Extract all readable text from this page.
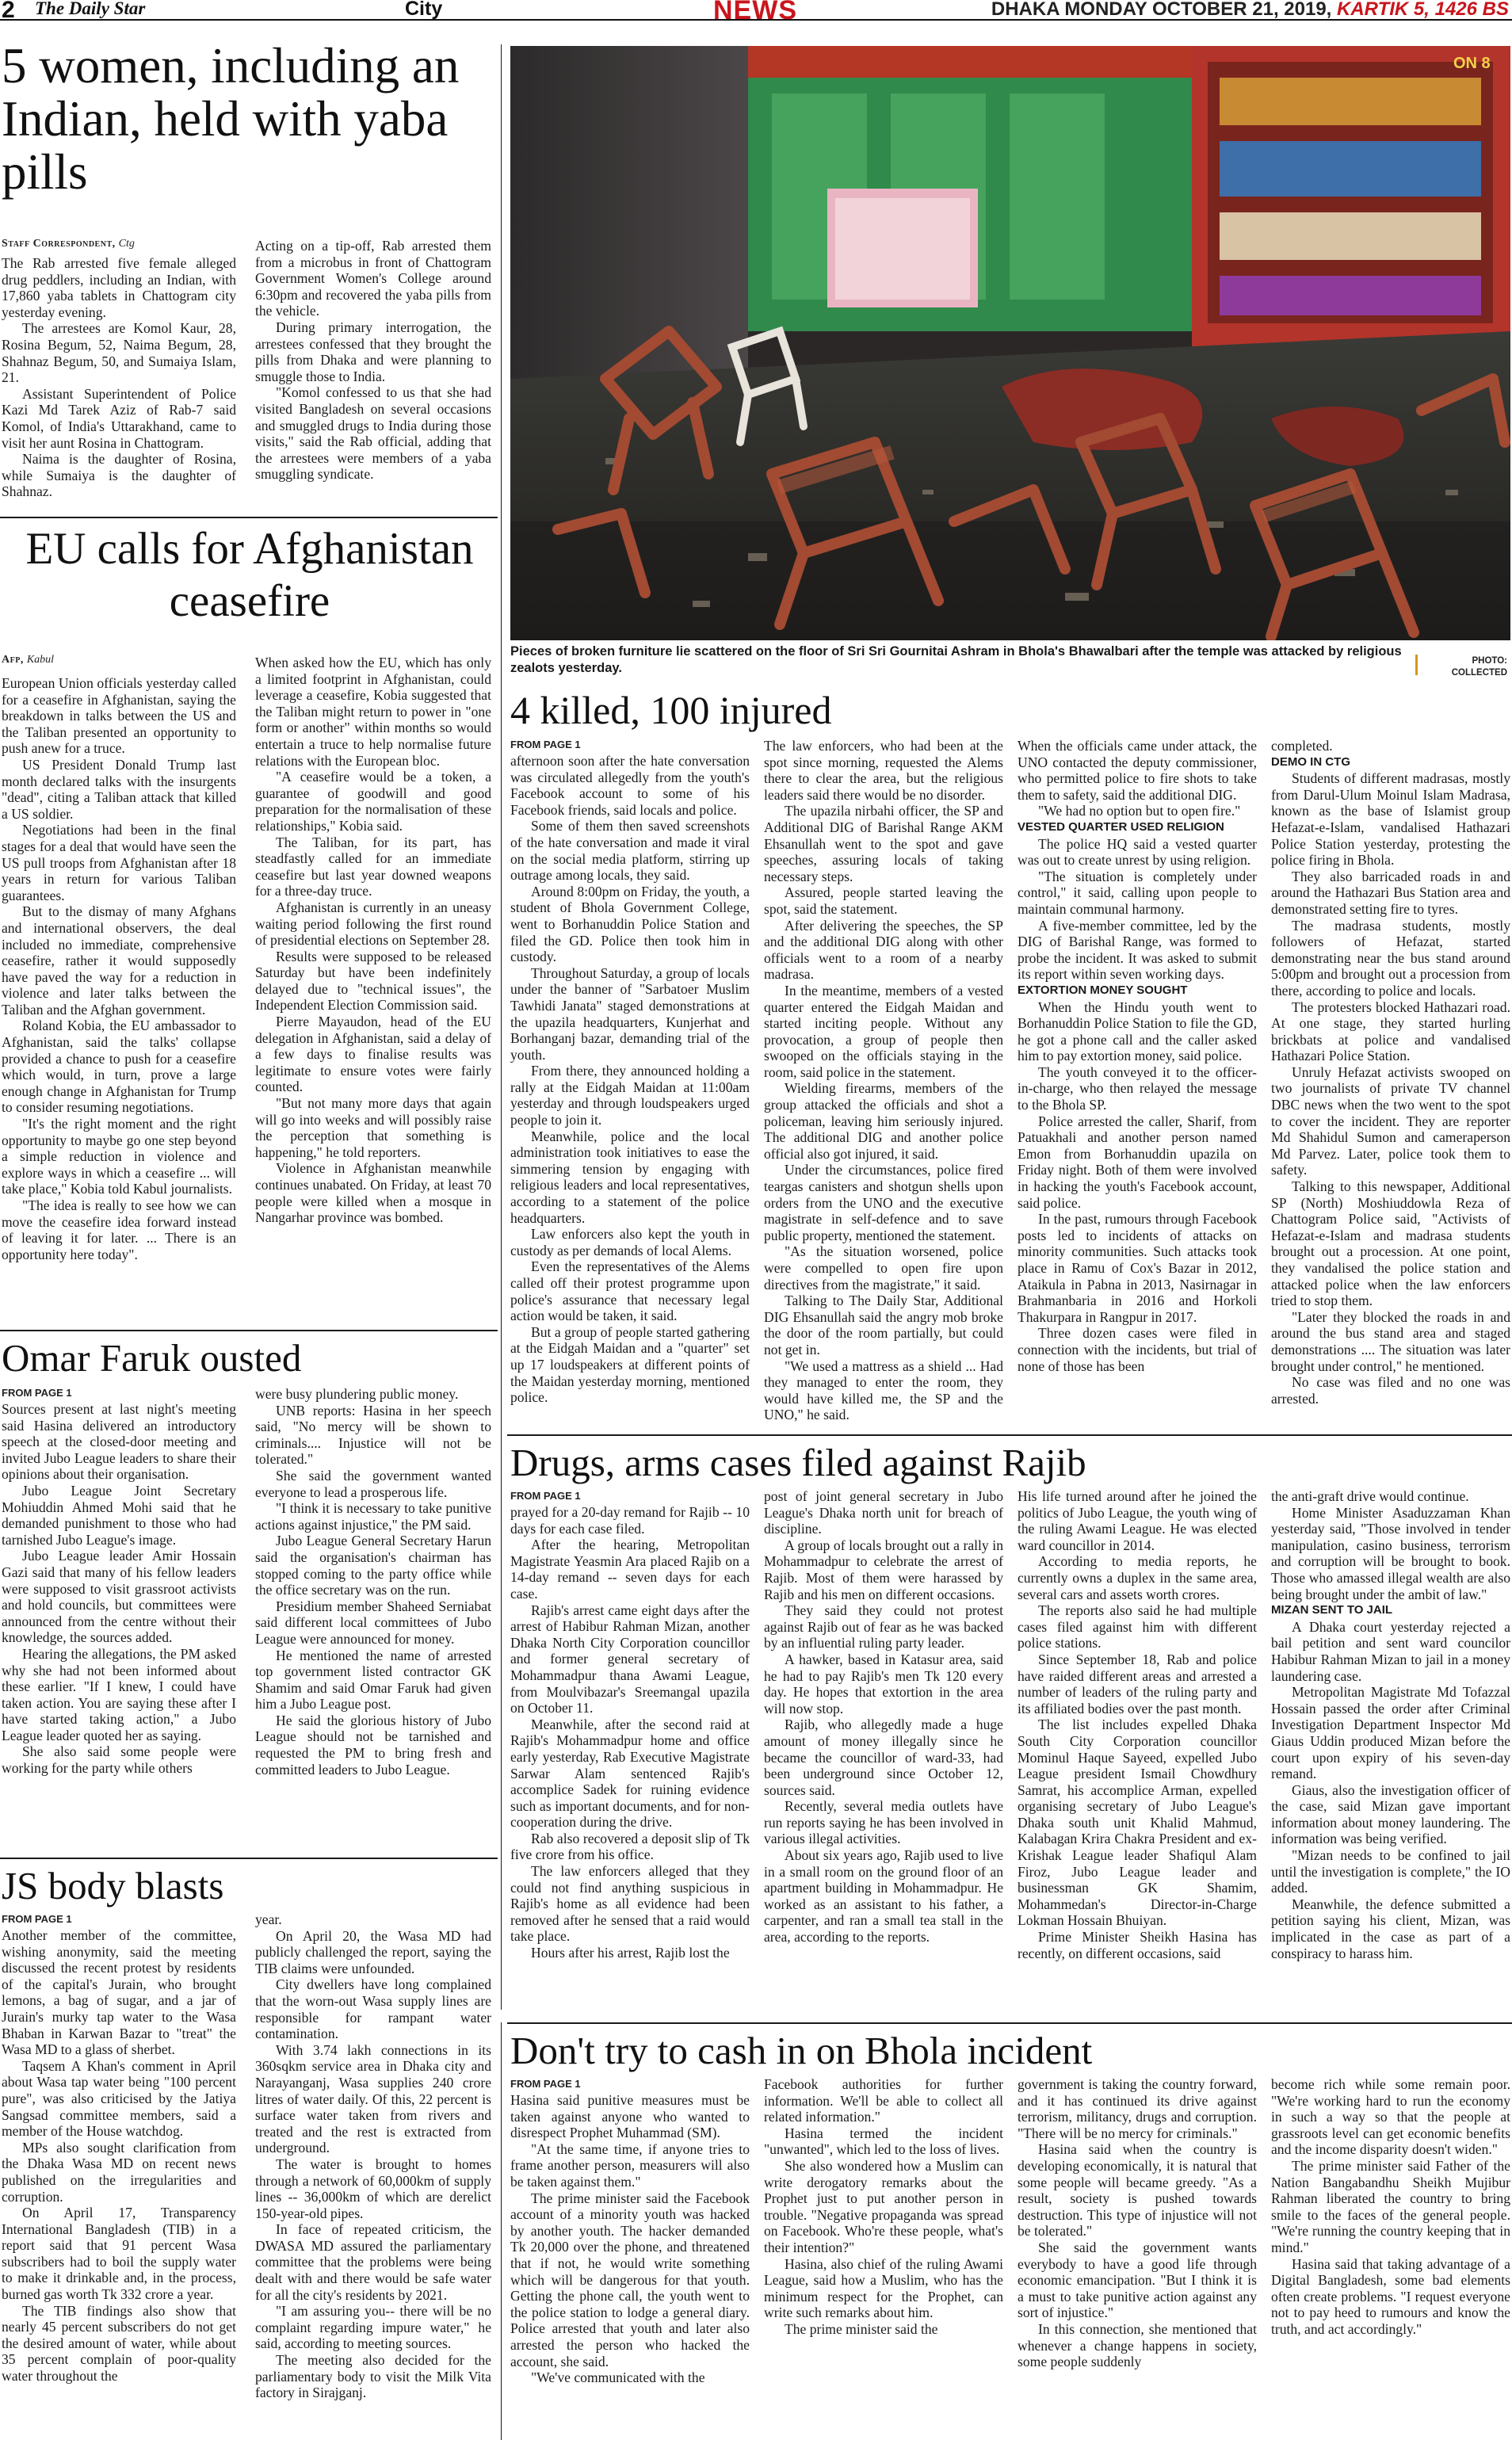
2 The Daily Star	City	NEWS	DHAKA MONDAY OCTOBER 21, 2019, KARTIK 5, 1426 BS
5 women, including an Indian, held with yaba pills
Staff Correspondent, Ctg

The Rab arrested five female alleged drug peddlers, including an Indian, with 17,860 yaba tablets in Chattogram city yesterday evening.

The arrestees are Komol Kaur, 28, Rosina Begum, 52, Naima Begum, 28, Shahnaz Begum, 50, and Sumaiya Islam, 21.

Assistant Superintendent of Police Kazi Md Tarek Aziz of Rab-7 said Komol, of India's Uttarakhand, came to visit her aunt Rosina in Chattogram.

Naima is the daughter of Rosina, while Sumaiya is the daughter of Shahnaz.

Acting on a tip-off, Rab arrested them from a microbus in front of Chattogram Government Women's College around 6:30pm and recovered the yaba pills from the vehicle.

During primary interrogation, the arrestees confessed that they brought the pills from Dhaka and were planning to smuggle those to India.

"Komol confessed to us that she had visited Bangladesh on several occasions and smuggled drugs to India during those visits," said the Rab official, adding that the arrestees were members of a yaba smuggling syndicate.

EU calls for Afghanistan ceasefire
Afp, Kabul

European Union officials yesterday called for a ceasefire in Afghanistan, saying the breakdown in talks between the US and the Taliban presented an opportunity to push anew for a truce.

US President Donald Trump last month declared talks with the insurgents "dead", citing a Taliban attack that killed a US soldier.

Negotiations had been in the final stages for a deal that would have seen the US pull troops from Afghanistan after 18 years in return for various Taliban guarantees.

But to the dismay of many Afghans and international observers, the deal included no immediate, comprehensive ceasefire, rather it would supposedly have paved the way for a reduction in violence and later talks between the Taliban and the Afghan government.

Roland Kobia, the EU ambassador to Afghanistan, said the talks' collapse provided a chance to push for a ceasefire which would, in turn, prove a large enough change in Afghanistan for Trump to consider resuming negotiations.

"It's the right moment and the right opportunity to maybe go one step beyond a simple reduction in violence and explore ways in which a ceasefire ... will take place," Kobia told Kabul journalists.

"The idea is really to see how we can move the ceasefire idea forward instead of leaving it for later. ... There is an opportunity here today".

When asked how the EU, which has only a limited footprint in Afghanistan, could leverage a ceasefire, Kobia suggested that the Taliban might return to power in "one form or another" within months so would entertain a truce to help normalise future relations with the European bloc.

"A ceasefire would be a token, a guarantee of goodwill and good preparation for the normalisation of these relationships," Kobia said.

The Taliban, for its part, has steadfastly called for an immediate ceasefire but last year downed weapons for a three-day truce.

Afghanistan is currently in an uneasy waiting period following the first round of presidential elections on September 28.

Results were supposed to be released Saturday but have been indefinitely delayed due to "technical issues", the Independent Election Commission said.

Pierre Mayaudon, head of the EU delegation in Afghanistan, said a delay of a few days to finalise results was legitimate to ensure votes were fairly counted.

"But not many more days that again will go into weeks and will possibly raise the perception that something is happening," he told reporters.

Violence in Afghanistan meanwhile continues unabated. On Friday, at least 70 people were killed when a mosque in Nangarhar province was bombed.

ON 8
Pieces of broken furniture lie scattered on the floor of Sri Sri Gournitai Ashram in Bhola's Bhawalbari after the temple was attacked by religious zealots yesterday.	PHOTO:
COLLECTED
4 killed, 100 injured
FROM PAGE 1

afternoon soon after the hate conversation was circulated allegedly from the youth's Facebook account to some of his Facebook friends, said locals and police.

Some of them then saved screenshots of the hate conversation and made it viral on the social media platform, stirring up outrage among locals, they said.

Around 8:00pm on Friday, the youth, a student of Bhola Government College, went to Borhanuddin Police Station and filed the GD. Police then took him in custody.

Throughout Saturday, a group of locals under the banner of "Sarbatoer Muslim Tawhidi Janata" staged demonstrations at the upazila headquarters, Kunjerhat and Borhanganj bazar, demanding trial of the youth.

From there, they announced holding a rally at the Eidgah Maidan at 11:00am yesterday and through loudspeakers urged people to join it.

Meanwhile, police and the local administration took initiatives to ease the simmering tension by engaging with religious leaders and local representatives, according to a statement of the police headquarters.

Law enforcers also kept the youth in custody as per demands of local Alems.

Even the representatives of the Alems called off their protest programme upon police's assurance that necessary legal action would be taken, it said.

But a group of people started gathering at the Eidgah Maidan and a "quarter" set up 17 loudspeakers at different points of the Maidan yesterday morning, mentioned police.

The law enforcers, who had been at the spot since morning, requested the Alems there to clear the area, but the religious leaders said there would be no disorder.

The upazila nirbahi officer, the SP and Additional DIG of Barishal Range AKM Ehsanullah went to the spot and gave speeches, assuring locals of taking necessary steps.

Assured, people started leaving the spot, said the statement.

After delivering the speeches, the SP and the additional DIG along with other officials went to a room of a nearby madrasa.

In the meantime, members of a vested quarter entered the Eidgah Maidan and started inciting people. Without any provocation, a group of people then swooped on the officials staying in the room, said police in the statement.

Wielding firearms, members of the group attacked the officials and shot a policeman, leaving him seriously injured. The additional DIG and another police official also got injured, it said.

Under the circumstances, police fired teargas canisters and shotgun shells upon orders from the UNO and the executive magistrate in self-defence and to save public property, mentioned the statement.

"As the situation worsened, police were compelled to open fire upon directives from the magistrate," it said.

Talking to The Daily Star, Additional DIG Ehsanullah said the angry mob broke the door of the room partially, but could not get in.

"We used a mattress as a shield ... Had they managed to enter the room, they would have killed me, the SP and the UNO," he said.

When the officials came under attack, the UNO contacted the deputy commissioner, who permitted police to fire shots to take them to safety, said the additional DIG.

"We had no option but to open fire."

VESTED QUARTER USED RELIGION

The police HQ said a vested quarter was out to create unrest by using religion.

"The situation is completely under control," it said, calling upon people to maintain communal harmony.

A five-member committee, led by the DIG of Barishal Range, was formed to probe the incident. It was asked to submit its report within seven working days.

EXTORTION MONEY SOUGHT

When the Hindu youth went to Borhanuddin Police Station to file the GD, he got a phone call and the caller asked him to pay extortion money, said police.

The youth conveyed it to the officer-in-charge, who then relayed the message to the Bhola SP.

Police arrested the caller, Sharif, from Patuakhali and another person named Emon from Borhanuddin upazila on Friday night. Both of them were involved in hacking the youth's Facebook account, said police.

In the past, rumours through Facebook posts led to incidents of attacks on minority communities. Such attacks took place in Ramu of Cox's Bazar in 2012, Ataikula in Pabna in 2013, Nasirnagar in Brahmanbaria in 2016 and Horkoli Thakurpara in Rangpur in 2017.

Three dozen cases were filed in connection with the incidents, but trial of none of those has been

completed.

DEMO IN CTG

Students of different madrasas, mostly from Darul-Ulum Moinul Islam Madrasa, known as the base of Islamist group Hefazat-e-Islam, vandalised Hathazari Police Station yesterday, protesting the police firing in Bhola.

They also barricaded roads in and around the Hathazari Bus Station area and demonstrated setting fire to tyres.

The madrasa students, mostly followers of Hefazat, started demonstrating near the bus stand around 5:00pm and brought out a procession from there, according to police and locals.

The protesters blocked Hathazari road. At one stage, they started hurling brickbats at police and vandalised Hathazari Police Station.

Unruly Hefazat activists swooped on two journalists of private TV channel DBC news when the two went to the spot to cover the incident. They are reporter Md Shahidul Sumon and cameraperson Md Parvez. Later, police took them to safety.

Talking to this newspaper, Additional SP (North) Moshiuddowla Reza of Chattogram Police said, "Activists of Hefazat-e-Islam and madrasa students brought out a procession. At one point, they vandalised the police station and attacked police when the law enforcers tried to stop them.

"Later they blocked the roads in and around the bus stand area and staged demonstrations .... The situation was later brought under control," he mentioned.

No case was filed and no one was arrested.

Omar Faruk ousted
FROM PAGE 1

Sources present at last night's meeting said Hasina delivered an introductory speech at the closed-door meeting and invited Jubo League leaders to share their opinions about their organisation.

Jubo League Joint Secretary Mohiuddin Ahmed Mohi said that he demanded punishment to those who had tarnished Jubo League's image.

Jubo League leader Amir Hossain Gazi said that many of his fellow leaders were supposed to visit grassroot activists and hold councils, but committees were announced from the centre without their knowledge, the sources added.

Hearing the allegations, the PM asked why she had not been informed about these earlier. "If I knew, I could have taken action. You are saying these after I have started taking action," a Jubo League leader quoted her as saying.

She also said some people were working for the party while others

were busy plundering public money.

UNB reports: Hasina in her speech said, "No mercy will be shown to criminals.... Injustice will not be tolerated."

She said the government wanted everyone to lead a prosperous life.

"I think it is necessary to take punitive actions against injustice," the PM said.

Jubo League General Secretary Harun said the organisation's chairman has stopped coming to the party office while the office secretary was on the run.

Presidium member Shaheed Serniabat said different local committees of Jubo League were announced for money.

He mentioned the name of arrested top government listed contractor GK Shamim and said Omar Faruk had given him a Jubo League post.

He said the glorious history of Jubo League should not be tarnished and requested the PM to bring fresh and committed leaders to Jubo League.

Drugs, arms cases filed against Rajib
FROM PAGE 1

prayed for a 20-day remand for Rajib -- 10 days for each case filed.

After the hearing, Metropolitan Magistrate Yeasmin Ara placed Rajib on a 14-day remand -- seven days for each case.

Rajib's arrest came eight days after the arrest of Habibur Rahman Mizan, another Dhaka North City Corporation councillor and former general secretary of Mohammadpur thana Awami League, from Moulvibazar's Sreemangal upazila on October 11.

Meanwhile, after the second raid at Rajib's Mohammadpur home and office early yesterday, Rab Executive Magistrate Sarwar Alam sentenced Rajib's accomplice Sadek for ruining evidence such as important documents, and for non-cooperation during the drive.

Rab also recovered a deposit slip of Tk five crore from his office.

The law enforcers alleged that they could not find anything suspicious in Rajib's home as all evidence had been removed after he sensed that a raid would take place.

Hours after his arrest, Rajib lost the

post of joint general secretary in Jubo League's Dhaka north unit for breach of discipline.

A group of locals brought out a rally in Mohammadpur to celebrate the arrest of Rajib. Most of them were harassed by Rajib and his men on different occasions.

They said they could not protest against Rajib out of fear as he was backed by an influential ruling party leader.

A hawker, based in Katasur area, said he had to pay Rajib's men Tk 120 every day. He hopes that extortion in the area will now stop.

Rajib, who allegedly made a huge amount of money illegally since he became the councillor of ward-33, had been underground since October 12, sources said.

Recently, several media outlets have run reports saying he has been involved in various illegal activities.

About six years ago, Rajib used to live in a small room on the ground floor of an apartment building in Mohammadpur. He worked as an assistant to his father, a carpenter, and ran a small tea stall in the area, according to the reports.

His life turned around after he joined the politics of Jubo League, the youth wing of the ruling Awami League. He was elected ward councillor in 2014.

According to media reports, he currently owns a duplex in the same area, several cars and assets worth crores.

The reports also said he had multiple cases filed against him with different police stations.

Since September 18, Rab and police have raided different areas and arrested a number of leaders of the ruling party and its affiliated bodies over the past month.

The list includes expelled Dhaka South City Corporation councillor Mominul Haque Sayeed, expelled Jubo League president Ismail Chowdhury Samrat, his accomplice Arman, expelled organising secretary of Jubo League's Dhaka south unit Khalid Mahmud, Kalabagan Krira Chakra President and ex-Krishak League leader Shafiqul Alam Firoz, Jubo League leader and businessman GK Shamim, Mohammedan's Director-in-Charge Lokman Hossain Bhuiyan.

Prime Minister Sheikh Hasina has recently, on different occasions, said

the anti-graft drive would continue.

Home Minister Asaduzzaman Khan yesterday said, "Those involved in tender manipulation, casino business, terrorism and corruption will be brought to book. Those who amassed illegal wealth are also being brought under the ambit of law."

MIZAN SENT TO JAIL

A Dhaka court yesterday rejected a bail petition and sent ward councilor Habibur Rahman Mizan to jail in a money laundering case.

Metropolitan Magistrate Md Tofazzal Hossain passed the order after Criminal Investigation Department Inspector Md Giaus Uddin produced Mizan before the court upon expiry of his seven-day remand.

Giaus, also the investigation officer of the case, said Mizan gave important information about money laundering. The information was being verified.

"Mizan needs to be confined to jail until the investigation is complete," the IO added.

Meanwhile, the defence submitted a petition saying his client, Mizan, was implicated in the case as part of a conspiracy to harass him.

JS body blasts
FROM PAGE 1

Another member of the committee, wishing anonymity, said the meeting discussed the recent protest by residents of the capital's Jurain, who brought lemons, a bag of sugar, and a jar of Jurain's murky tap water to the Wasa Bhaban in Karwan Bazar to "treat" the Wasa MD to a glass of sherbet.

Taqsem A Khan's comment in April about Wasa tap water being "100 percent pure", was also criticised by the Jatiya Sangsad committee members, said a member of the House watchdog.

MPs also sought clarification from the Dhaka Wasa MD on recent news published on the irregularities and corruption.

On April 17, Transparency International Bangladesh (TIB) in a report said that 91 percent Wasa subscribers had to boil the supply water to make it drinkable and, in the process, burned gas worth Tk 332 crore a year.

The TIB findings also show that nearly 45 percent subscribers do not get the desired amount of water, while about 35 percent complain of poor-quality water throughout the

year.

On April 20, the Wasa MD had publicly challenged the report, saying the TIB claims were unfounded.

City dwellers have long complained that the worn-out Wasa supply lines are responsible for rampant water contamination.

With 3.74 lakh connections in its 360sqkm service area in Dhaka city and Narayanganj, Wasa supplies 240 crore litres of water daily. Of this, 22 percent is surface water taken from rivers and treated and the rest is extracted from underground.

The water is brought to homes through a network of 60,000km of supply lines -- 36,000km of which are derelict 150-year-old pipes.

In face of repeated criticism, the DWASA MD assured the parliamentary committee that the problems were being dealt with and there would be safe water for all the city's residents by 2021.

"I am assuring you-- there will be no complaint regarding impure water," he said, according to meeting sources.

The meeting also decided for the parliamentary body to visit the Milk Vita factory in Sirajganj.

Don't try to cash in on Bhola incident
FROM PAGE 1

Hasina said punitive measures must be taken against anyone who wanted to disrespect Prophet Muhammad (SM).

"At the same time, if anyone tries to frame another person, measurers will also be taken against them."

The prime minister said the Facebook account of a minority youth was hacked by another youth. The hacker demanded Tk 20,000 over the phone, and threatened that if not, he would write something which will be dangerous for that youth. Getting the phone call, the youth went to the police station to lodge a general diary. Police arrested that youth and later also arrested the person who hacked the account, she said.

"We've communicated with the

Facebook authorities for further information. We'll be able to collect all related information."

Hasina termed the incident "unwanted", which led to the loss of lives.

She also wondered how a Muslim can write derogatory remarks about the Prophet just to put another person in trouble. "Negative propaganda was spread on Facebook. Who're these people, what's their intention?"

Hasina, also chief of the ruling Awami League, said how a Muslim, who has the minimum respect for the Prophet, can write such remarks about him.

The prime minister said the

government is taking the country forward, and it has continued its drive against terrorism, militancy, drugs and corruption. "There will be no mercy for criminals."

Hasina said when the country is developing economically, it is natural that some people will became greedy. "As a result, society is pushed towards destruction. This type of injustice will not be tolerated."

She said the government wants everybody to have a good life through economic emancipation. "But I think it is a must to take punitive action against any sort of injustice."

In this connection, she mentioned that whenever a change happens in society, some people suddenly

become rich while some remain poor. "We're working hard to run the economy in such a way so that the people at grassroots level can get economic benefits and the income disparity doesn't widen."

The prime minister said Father of the Nation Bangabandhu Sheikh Mujibur Rahman liberated the country to bring smile to the faces of the general people. "We're running the country keeping that in mind."

Hasina said that taking advantage of a Digital Bangladesh, some bad elements often create problems. "I request everyone not to pay heed to rumours and know the truth, and act accordingly."
